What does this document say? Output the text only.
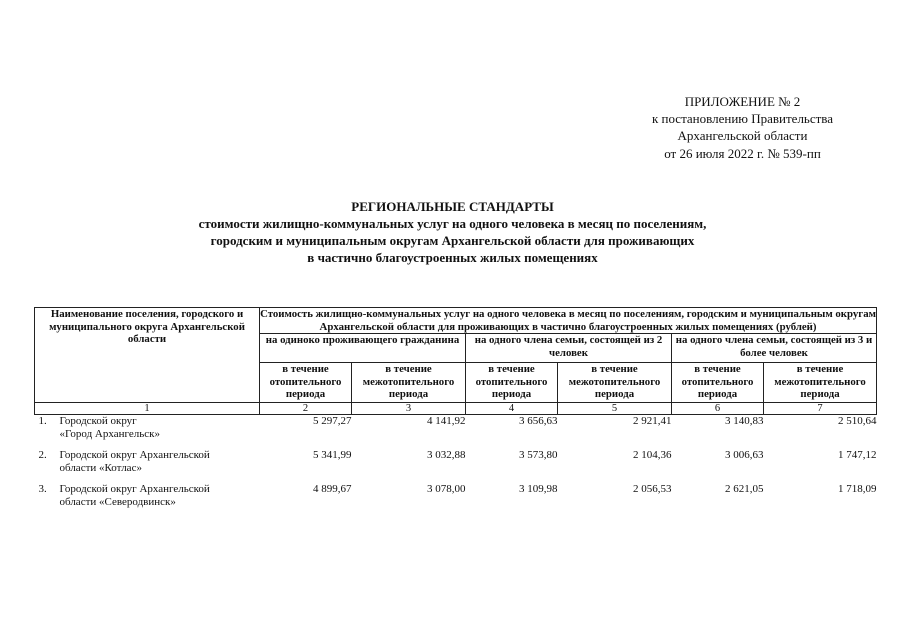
ПРИЛОЖЕНИЕ № 2
к постановлению Правительства
Архангельской области
от 26 июля 2022 г. № 539-пп
РЕГИОНАЛЬНЫЕ СТАНДАРТЫ
стоимости жилищно-коммунальных услуг на одного человека в месяц по поселениям,
городским и муниципальным округам Архангельской области для проживающих
в частично благоустроенных жилых помещениях
Наименование поселения, городского и муниципального округа Архангельской области	Стоимость жилищно-коммунальных услуг на одного человека в месяц по поселениям, городским и муниципальным округам Архангельской области для проживающих в частично благоустроенных жилых помещениях (рублей)					
	на одиноко проживающего гражданина		на одного члена семьи, состоящей из 2 человек		на одного члена семьи, состоящей из 3 и более человек	
	в течение отопительного периода	в течение межотопительного периода	в течение отопительного периода	в течение межотопительного периода	в течение отопительного периода	в течение межотопительного периода
1	2	3	4	5	6	7
1. Городской округ
«Город Архангельск»	5 297,27	4 141,92	3 656,63	2 921,41	3 140,83	2 510,64
2. Городской округ Архангельской
области «Котлас»	5 341,99	3 032,88	3 573,80	2 104,36	3 006,63	1 747,12
3. Городской округ Архангельской
области «Северодвинск»	4 899,67	3 078,00	3 109,98	2 056,53	2 621,05	1 718,09
